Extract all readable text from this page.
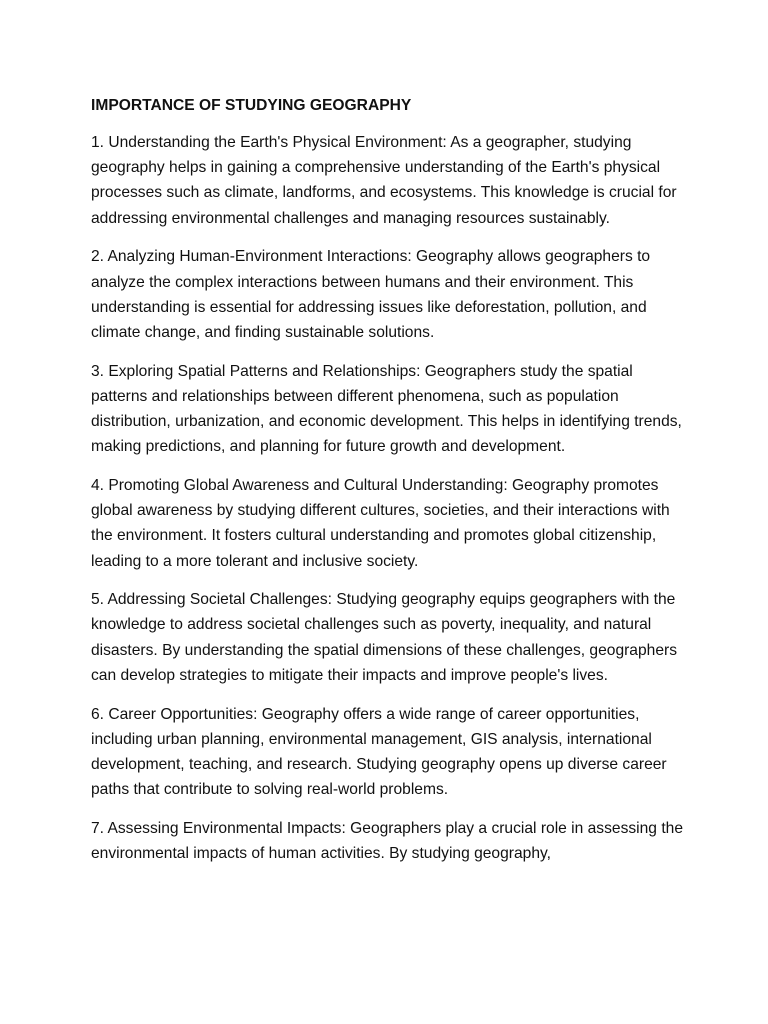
IMPORTANCE OF STUDYING GEOGRAPHY

1. Understanding the Earth's Physical Environment: As a geographer, studying geography helps in gaining a comprehensive understanding of the Earth's physical processes such as climate, landforms, and ecosystems. This knowledge is crucial for addressing environmental challenges and managing resources sustainably.

2. Analyzing Human-Environment Interactions: Geography allows geographers to analyze the complex interactions between humans and their environment. This understanding is essential for addressing issues like deforestation, pollution, and climate change, and finding sustainable solutions.

3. Exploring Spatial Patterns and Relationships: Geographers study the spatial patterns and relationships between different phenomena, such as population distribution, urbanization, and economic development. This helps in identifying trends, making predictions, and planning for future growth and development.

4. Promoting Global Awareness and Cultural Understanding: Geography promotes global awareness by studying different cultures, societies, and their interactions with the environment. It fosters cultural understanding and promotes global citizenship, leading to a more tolerant and inclusive society.

5. Addressing Societal Challenges: Studying geography equips geographers with the knowledge to address societal challenges such as poverty, inequality, and natural disasters. By understanding the spatial dimensions of these challenges, geographers can develop strategies to mitigate their impacts and improve people's lives.

6. Career Opportunities: Geography offers a wide range of career opportunities, including urban planning, environmental management, GIS analysis, international development, teaching, and research. Studying geography opens up diverse career paths that contribute to solving real-world problems.

7. Assessing Environmental Impacts: Geographers play a crucial role in assessing the environmental impacts of human activities. By studying geography,
